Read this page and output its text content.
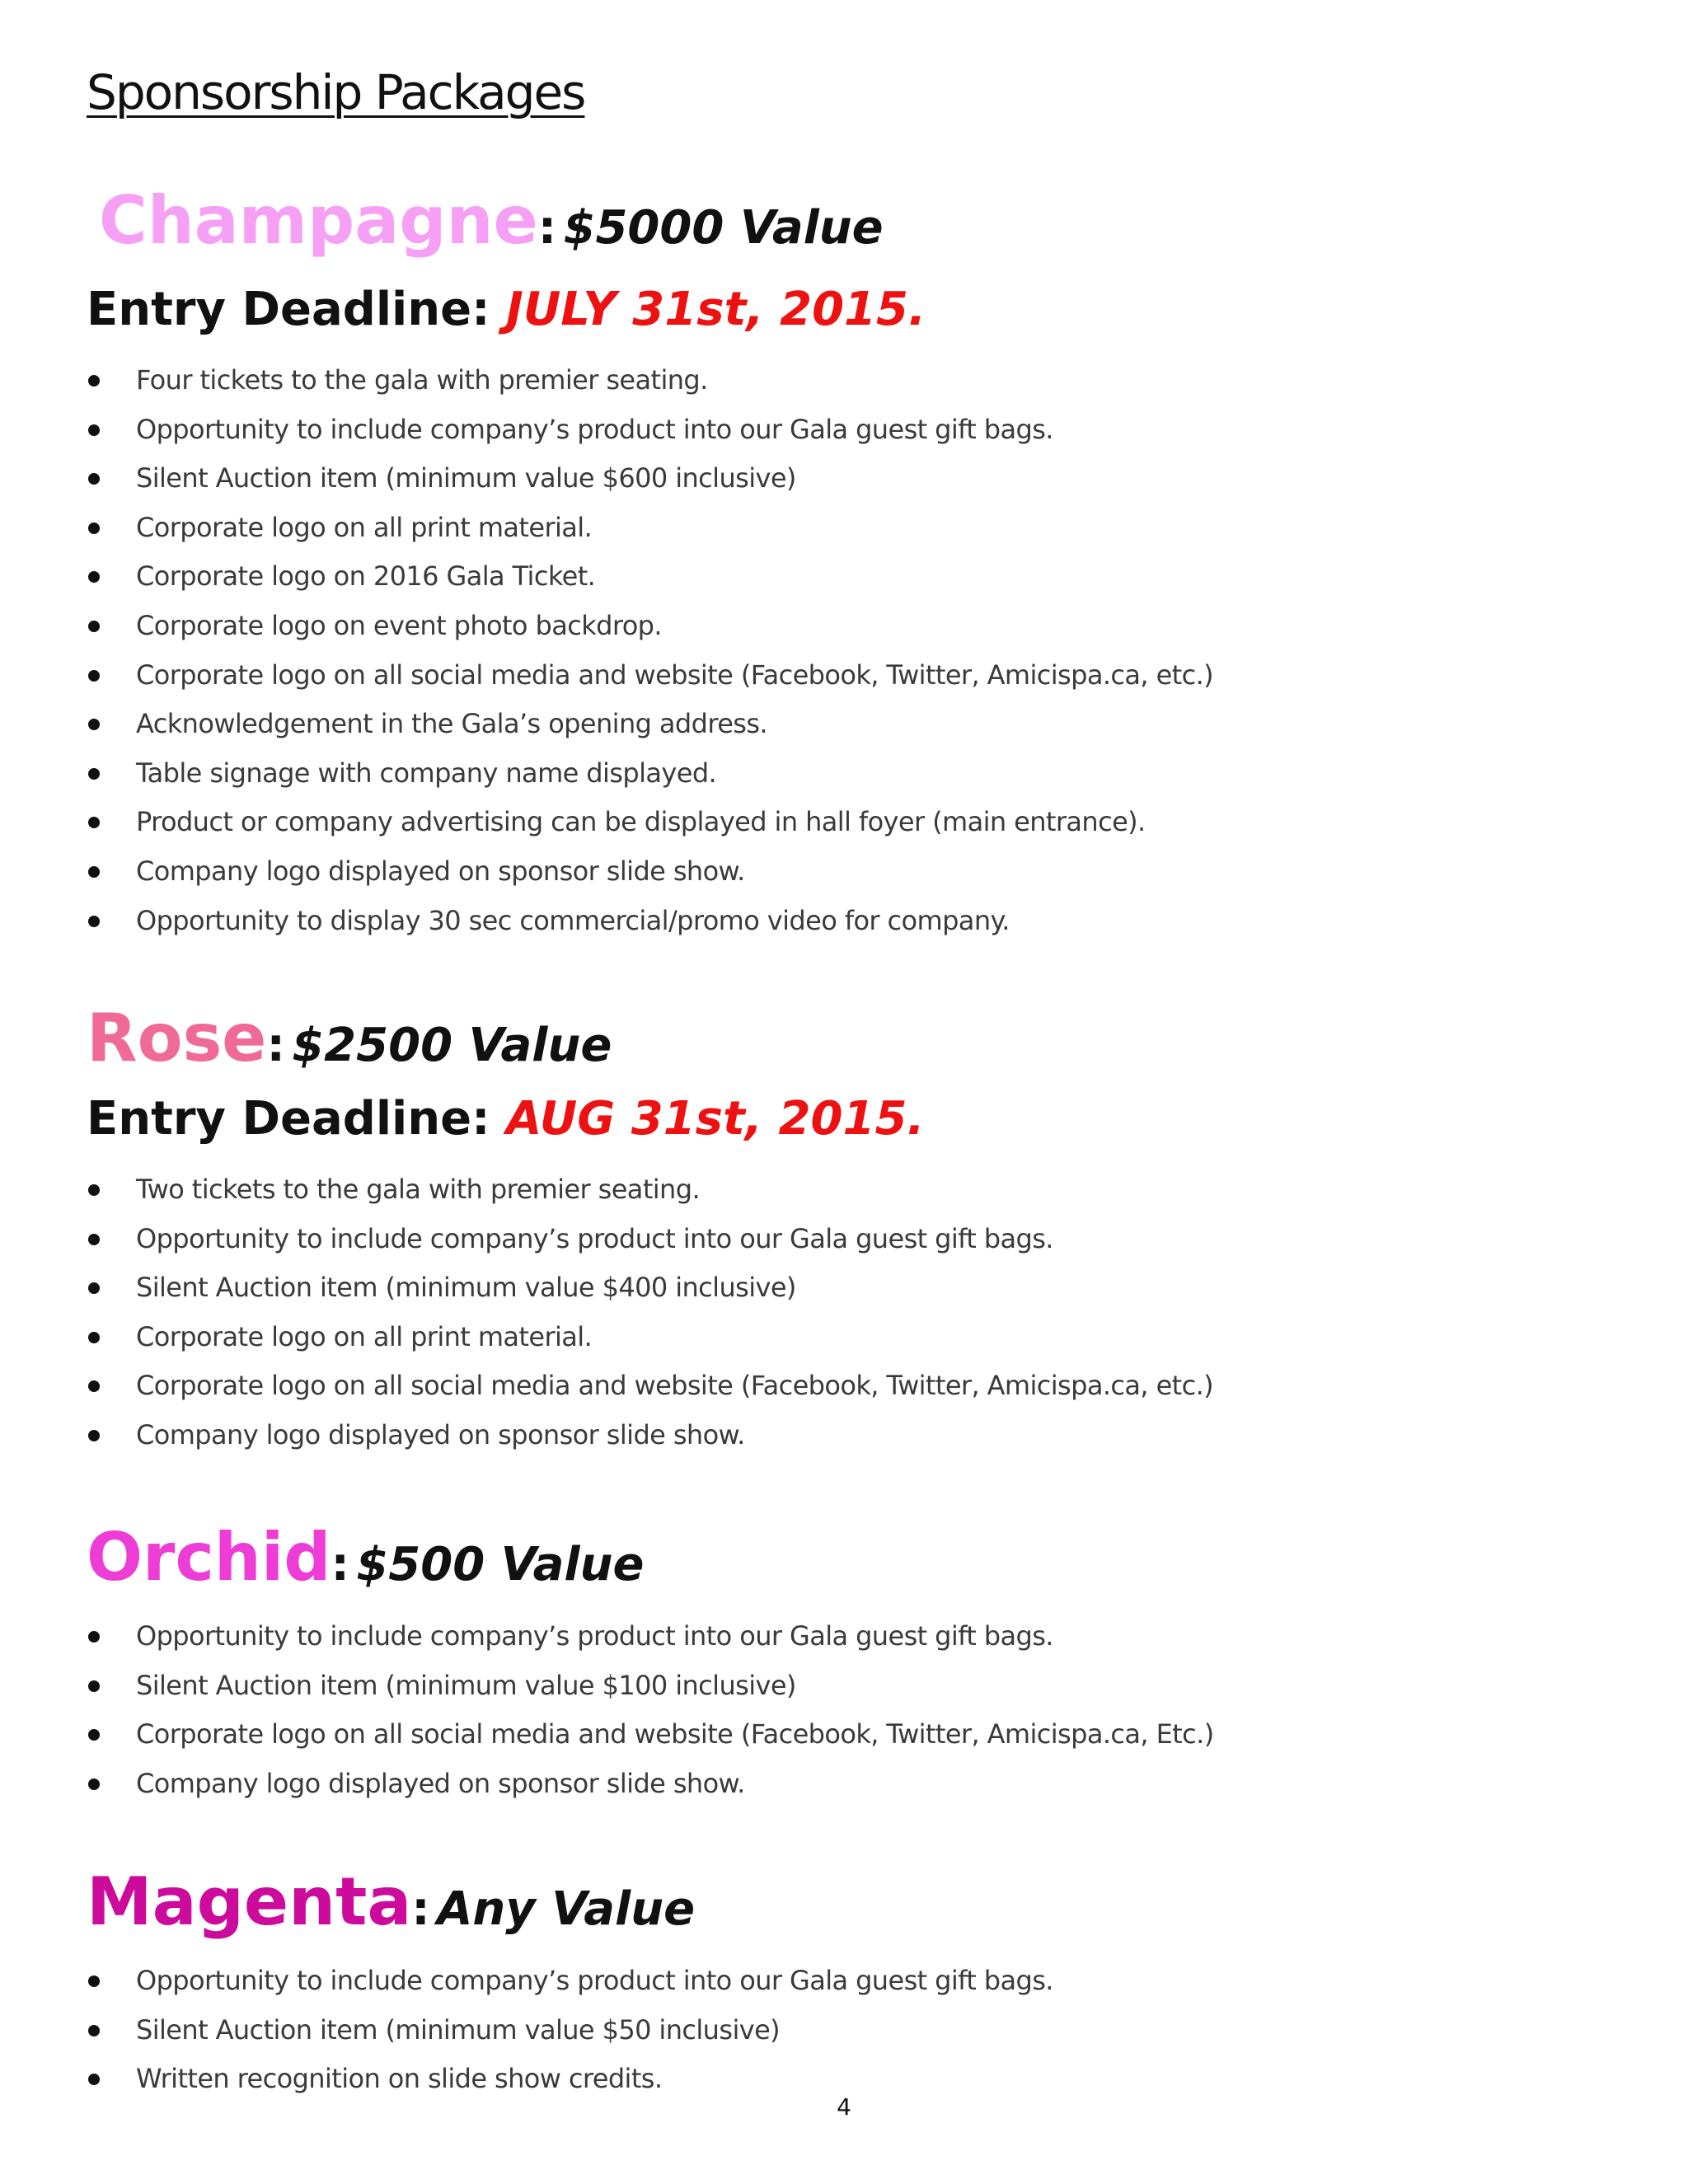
Sponsorship Packages
Champagne: $5000 Value

Entry Deadline: JULY 31st, 2015.

Four tickets to the gala with premier seating.
Opportunity to include company’s product into our Gala guest gift bags.
Silent Auction item (minimum value $600 inclusive)
Corporate logo on all print material.
Corporate logo on 2016 Gala Ticket.
Corporate logo on event photo backdrop.
Corporate logo on all social media and website (Facebook, Twitter, Amicispa.ca, etc.)
Acknowledgement in the Gala’s opening address.
Table signage with company name displayed.
Product or company advertising can be displayed in hall foyer (main entrance).
Company logo displayed on sponsor slide show.
Opportunity to display 30 sec commercial/promo video for company.
Rose: $2500 Value

Entry Deadline: AUG 31st, 2015.

Two tickets to the gala with premier seating.
Opportunity to include company’s product into our Gala guest gift bags.
Silent Auction item (minimum value $400 inclusive)
Corporate logo on all print material.
Corporate logo on all social media and website (Facebook, Twitter, Amicispa.ca, etc.)
Company logo displayed on sponsor slide show.
Orchid: $500 Value
Opportunity to include company’s product into our Gala guest gift bags.
Silent Auction item (minimum value $100 inclusive)
Corporate logo on all social media and website (Facebook, Twitter, Amicispa.ca, Etc.)
Company logo displayed on sponsor slide show.
Magenta: Any Value
Opportunity to include company’s product into our Gala guest gift bags.
Silent Auction item (minimum value $50 inclusive)
Written recognition on slide show credits.
4
